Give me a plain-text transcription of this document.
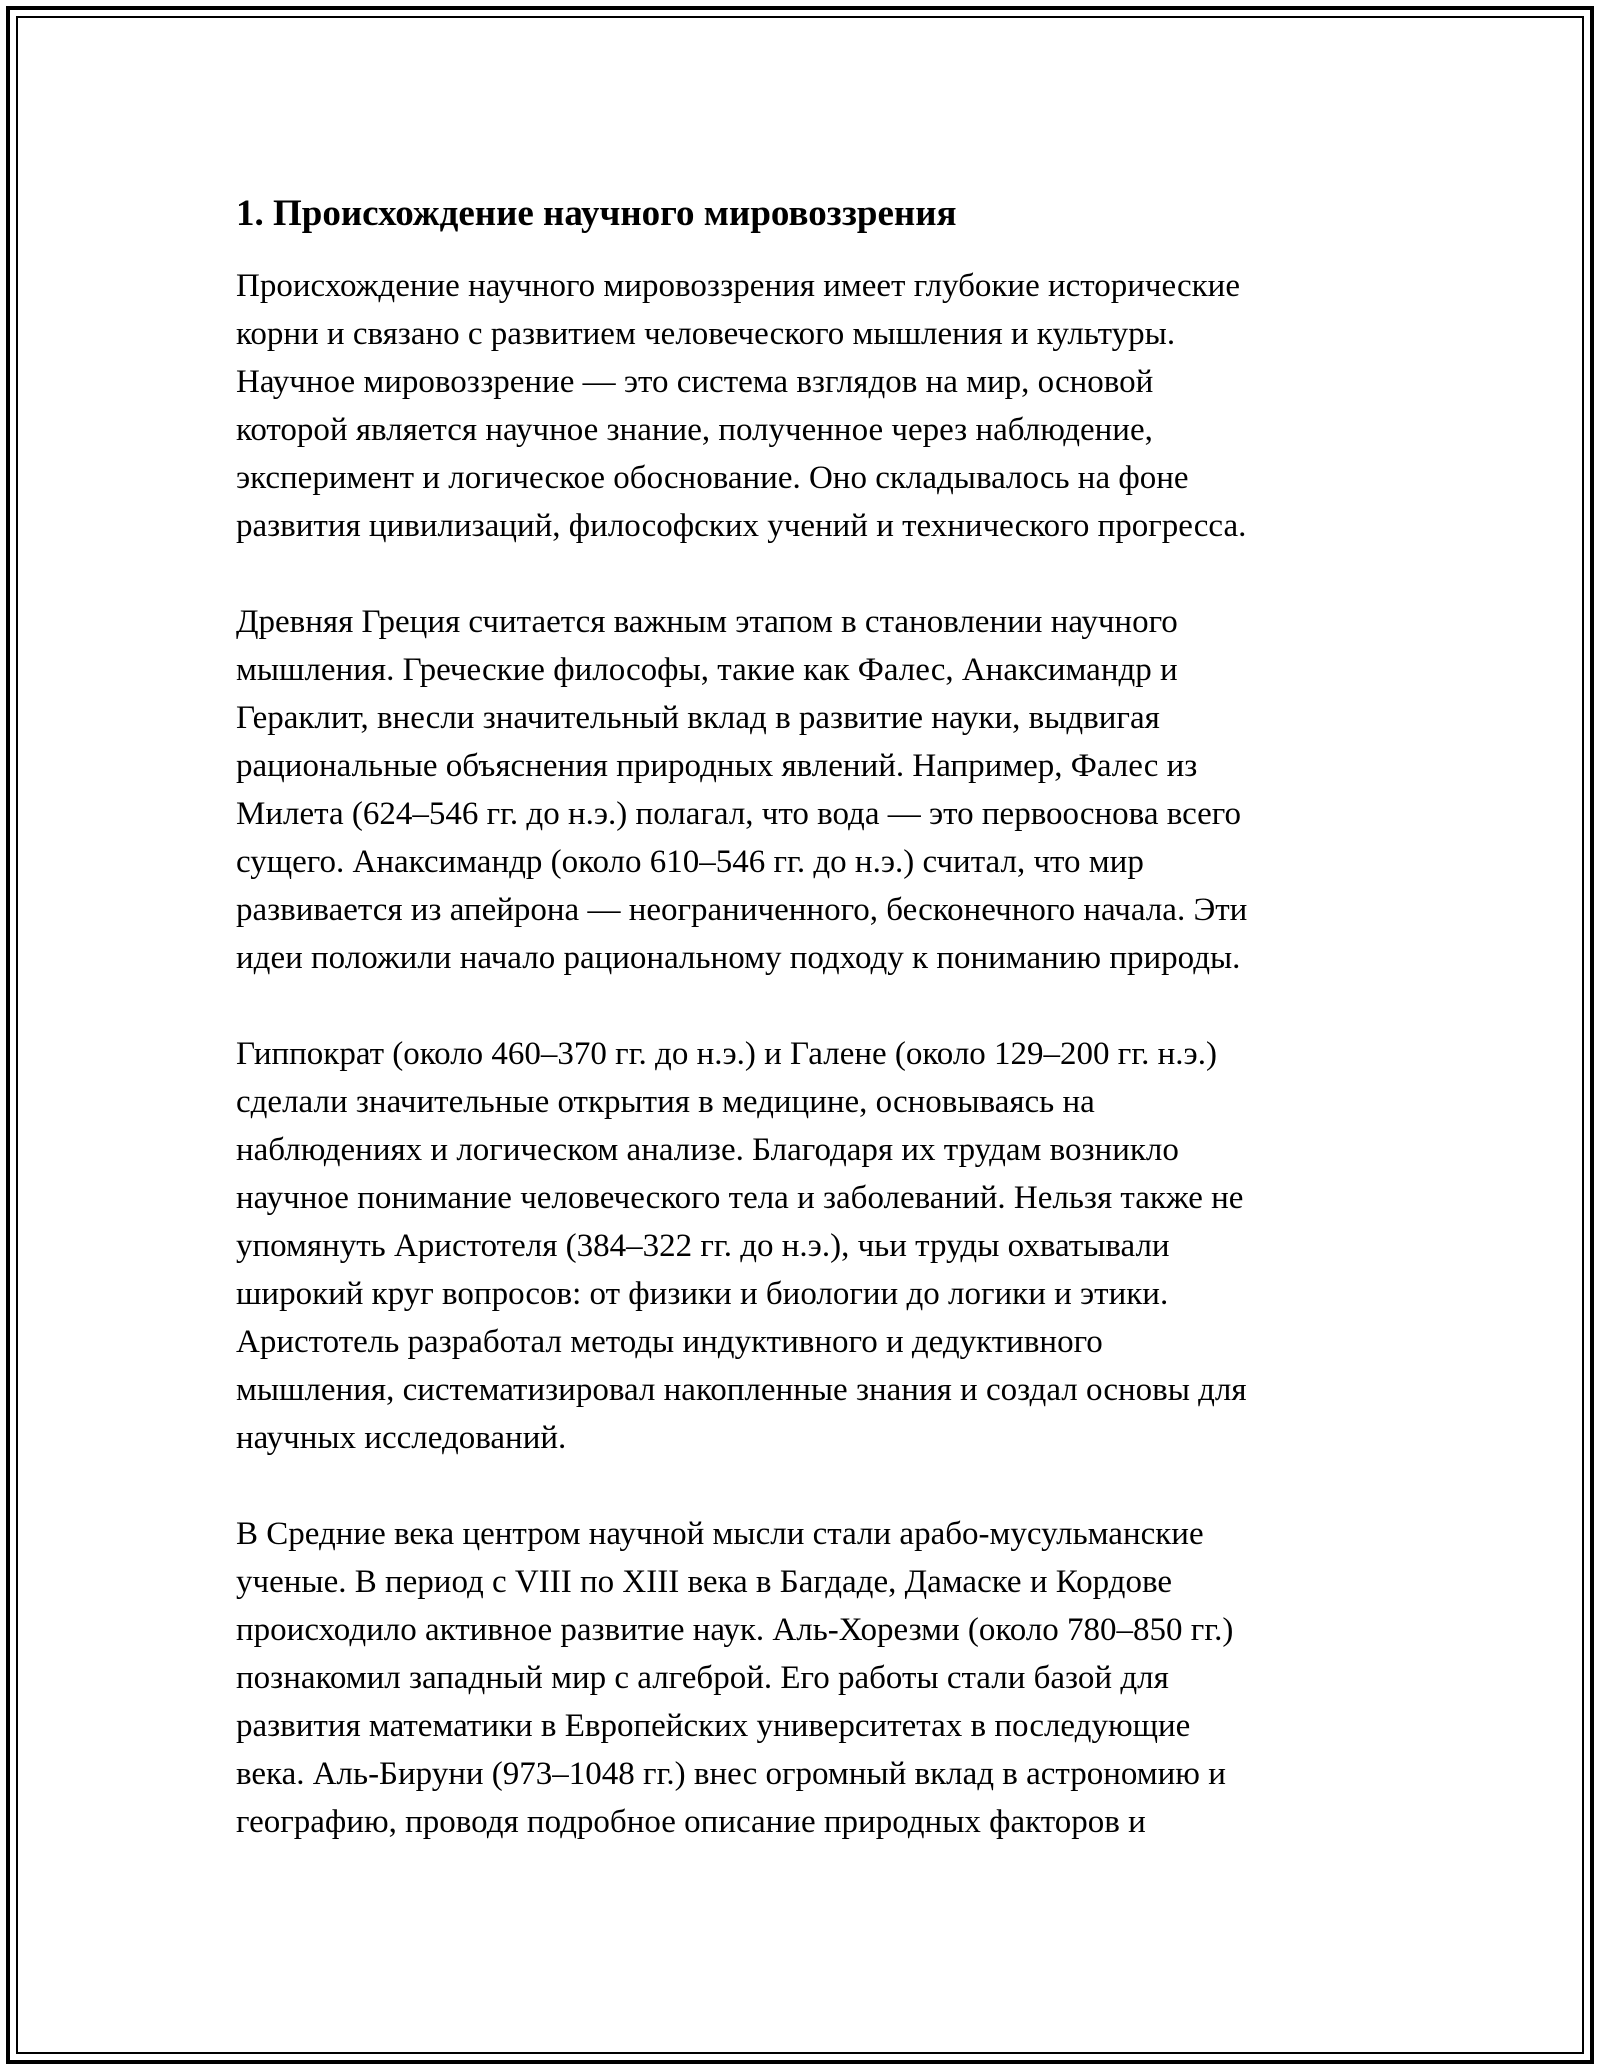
1. Происхождение научного мировоззрения

Происхождение научного мировоззрения имеет глубокие исторические
корни и связано с развитием человеческого мышления и культуры.
Научное мировоззрение — это система взглядов на мир, основой
которой является научное знание, полученное через наблюдение,
эксперимент и логическое обоснование. Оно складывалось на фоне
развития цивилизаций, философских учений и технического прогресса.

Древняя Греция считается важным этапом в становлении научного
мышления. Греческие философы, такие как Фалес, Анаксимандр и
Гераклит, внесли значительный вклад в развитие науки, выдвигая
рациональные объяснения природных явлений. Например, Фалес из
Милета (624–546 гг. до н.э.) полагал, что вода — это первооснова всего
сущего. Анаксимандр (около 610–546 гг. до н.э.) считал, что мир
развивается из апейрона — неограниченного, бесконечного начала. Эти
идеи положили начало рациональному подходу к пониманию природы.

Гиппократ (около 460–370 гг. до н.э.) и Галене (около 129–200 гг. н.э.)
сделали значительные открытия в медицине, основываясь на
наблюдениях и логическом анализе. Благодаря их трудам возникло
научное понимание человеческого тела и заболеваний. Нельзя также не
упомянуть Аристотеля (384–322 гг. до н.э.), чьи труды охватывали
широкий круг вопросов: от физики и биологии до логики и этики.
Аристотель разработал методы индуктивного и дедуктивного
мышления, систематизировал накопленные знания и создал основы для
научных исследований.

В Средние века центром научной мысли стали арабо-мусульманские
ученые. В период с VIII по XIII века в Багдаде, Дамаске и Кордове
происходило активное развитие наук. Аль-Хорезми (около 780–850 гг.)
познакомил западный мир с алгеброй. Его работы стали базой для
развития математики в Европейских университетах в последующие
века. Аль-Бируни (973–1048 гг.) внес огромный вклад в астрономию и
географию, проводя подробное описание природных факторов и
